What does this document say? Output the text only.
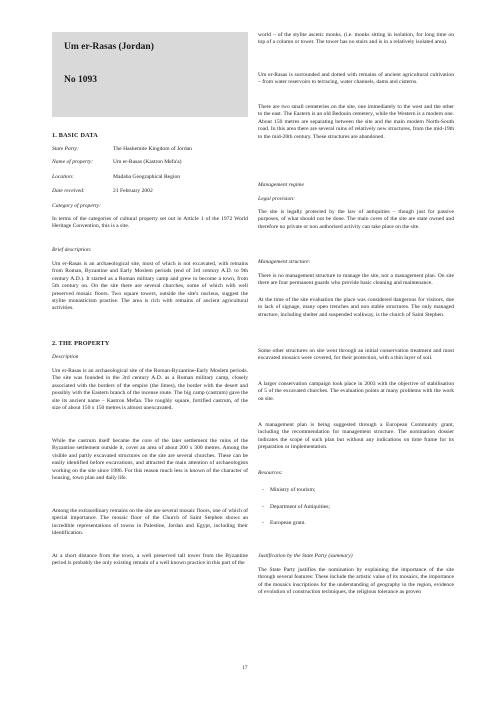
Um er-Rasas (Jordan)
No 1093
1. BASIC DATA
State Party:	The Hashemite Kingdom of Jordan
Name of property:	Um er-Rasas (Kastron Mefa'a)
Location:	Madaba Geographical Region
Date received:	21 February 2002
Category of property:

In terms of the categories of cultural property set out in Article 1 of the 1972 World Heritage Convention, this is a site.

Brief description:

Um er-Rasas is an archaeological site, most of which is not excavated, with remains from Roman, Byzantine and Early Moslem periods (end of 3rd century A.D. to 9th century A.D.). It started as a Roman military camp and grew to become a town, from 5th century on. On the site there are several churches, some of which with well preserved mosaic floors. Two square towers, outside the site's nucleus, suggest the stylite monasticism practise. The area is rich with remains of ancient agricultural activities.

2. THE PROPERTY
Description

Um er-Rasas is an archaeological site of the Roman-Byzantine-Early Moslem periods. The site was founded in the 3rd century A.D. as a Roman military camp, closely associated with the borders of the empire (the limes), the border with the desert and possibly with the Eastern branch of the incense route. The big camp (castrum) gave the site its ancient name – Kastron Mefaa. The roughly square, fortified castrum, of the size of about 150 x 150 metres is almost unexcavated.

While the castrum itself became the core of the later settlement the ruins of the Byzantine settlement outside it, cover an area of about 200 x 300 metres. Among the visible and partly excavated structures on the site are several churches. These can be easily identified before excavations, and attracted the main attention of archaeologists working on the site since 1986. For this reason much less is known of the character of housing, town plan and daily life.

Among the extraordinary remains on the site are several mosaic floors, one of which of special importance. The mosaic floor of the Church of Saint Stephen shows an incredible representations of towns in Palestine, Jordan and Egypt, including their identification.

At a short distance from the town, a well preserved tall tower from the Byzantine period is probably the only existing remain of a well known practice in this part of the

world – of the stylite ascetic monks. (i.e. monks sitting in isolation, for long time on top of a column or tower. The tower has no stairs and is in a relatively isolated area).

Um er-Rasas is surrounded and dotted with remains of ancient agricultural cultivation – from water reservoirs to terracing, water channels, dams and cisterns.

There are two small cemeteries on the site, one immediately to the west and the other to the east. The Eastern is an old Bedouin cemetery, while the Western is a modern one. About 150 metres are separating between the site and the main modern North-South road. In this area there are several ruins of relatively new structures, from the mid-19th to the mid-20th century. These structures are abandoned.

Management regime
Legal provision:

The site is legally protected by the law of antiquities – though just for passive purposes, of what should not be done. The main cores of the site are state owned and therefore no private or non authorised activity can take place on the site.

Management structure:

There is no management structure to manage the site, nor a management plan. On site there are four permanent guards who provide basic cleaning and maintenance.

At the time of the site evaluation the place was considered dangerous for visitors, due to lack of signage, many open trenches and non stable structures. The only managed structure, including shelter and suspended walkway, is the church of Saint Stephen.

Some other structures on site went through an initial conservation treatment and most excavated mosaics were covered, for their protection, with a thin layer of soil.

A larger conservation campaign took place in 2003 with the objective of stabilisation of 5 of the excavated churches. The evaluation points at many problems with the work on site.

A management plan is being suggested through a European Community grant, including the recommendation for management structure. The nomination dossier indicates the scope of such plan but without any indications on time frame for its preparation or implementation.

Resources:
- Ministry of tourism;
- Department of Antiquities;
- European grant.
Justification by the State Party (summary)

The State Party justifies the nomination by explaining the importance of the site through several features: These include the artistic value of its mosaics, the importance of the mosaics inscriptions for the understanding of geography in the region, evidence of evolution of construction techniques, the religious tolerance as proven

17
